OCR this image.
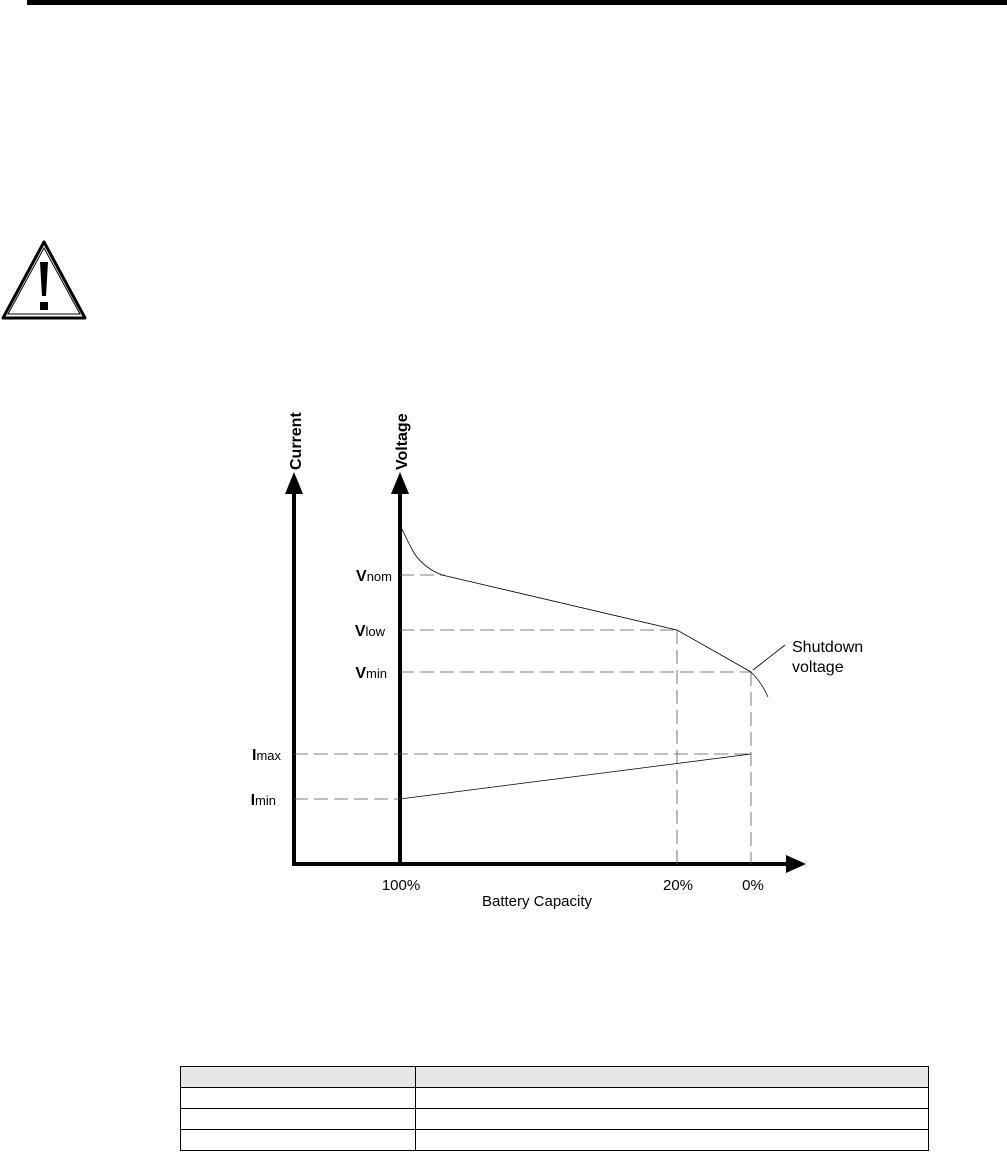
Current	Voltage
Vnom
Vlow
Vmin
Imax
Imin
100%	20%	0%
Battery Capacity
Shutdown
voltage
